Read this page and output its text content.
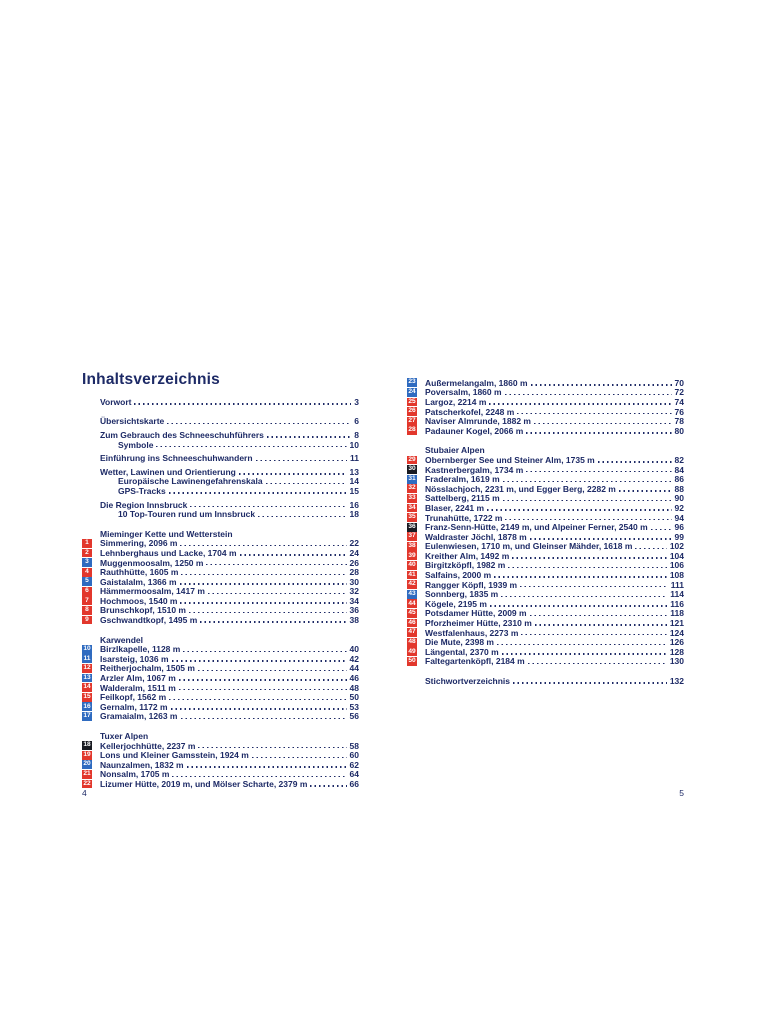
Inhaltsverzeichnis
Vorwort	3
Übersichtskarte	6
Zum Gebrauch des Schneeschuhführers	8
Symbole	10
Einführung ins Schneeschuhwandern	11
Wetter, Lawinen und Orientierung	13
Europäische Lawinengefahrenskala	14
GPS-Tracks	15
Die Region Innsbruck	16
10 Top-Touren rund um Innsbruck	18
Mieminger Kette und Wetterstein
1	Simmering, 2096 m	22
2	Lehnberghaus und Lacke, 1704 m	24
3	Muggenmoosalm, 1250 m	26
4	Rauthhütte, 1605 m	28
5	Gaistalalm, 1366 m	30
6	Hämmermoosalm, 1417 m	32
7	Hochmoos, 1540 m	34
8	Brunschkopf, 1510 m	36
9	Gschwandtkopf, 1495 m	38
Karwendel
10 Birzlkapelle, 1128 m	40
11 Isarsteig, 1036 m	42
12 Reitherjochalm, 1505 m	44
13 Arzler Alm, 1067 m	46
14 Walderalm, 1511 m	48
15 Feilkopf, 1562 m	50
16 Gernalm, 1172 m	53
17 Gramaialm, 1263 m	56
Tuxer Alpen
18 Kellerjochhütte, 2237 m	58
19 Lons und Kleiner Gamsstein, 1924 m	60
20 Naunzalmen, 1832 m	62
21 Nonsalm, 1705 m	64
22 Lizumer Hütte, 2019 m, und Mölser Scharte, 2379 m	66
23 Außermelangalm, 1860 m	70
24 Poversalm, 1860 m	72
25 Largoz, 2214 m	74
26 Patscherkofel, 2248 m	76
27 Naviser Almrunde, 1882 m	78
28 Padauner Kogel, 2066 m	80
Stubaier Alpen
29 Obernberger See und Steiner Alm, 1735 m	82
30 Kastnerbergalm, 1734 m	84
31 Fraderalm, 1619 m	86
32 Nösslachjoch, 2231 m, und Egger Berg, 2282 m	88
33 Sattelberg, 2115 m	90
34 Blaser, 2241 m	92
35 Trunahütte, 1722 m	94
36 Franz-Senn-Hütte, 2149 m, und Alpeiner Ferner, 2540 m	96
37 Waldraster Jöchl, 1878 m	99
38 Eulenwiesen, 1710 m, und Gleinser Mähder, 1618 m	102
39 Kreither Alm, 1492 m	104
40 Birgitzköpfl, 1982 m	106
41 Salfains, 2000 m	108
42 Rangger Köpfl, 1939 m	111
43 Sonnberg, 1835 m	114
44 Kögele, 2195 m	116
45 Potsdamer Hütte, 2009 m	118
46 Pforzheimer Hütte, 2310 m	121
47 Westfalenhaus, 2273 m	124
48 Die Mute, 2398 m	126
49 Längental, 2370 m	128
50 Faltegartenköpfl, 2184 m	130
Stichwortverzeichnis	132
4	5
